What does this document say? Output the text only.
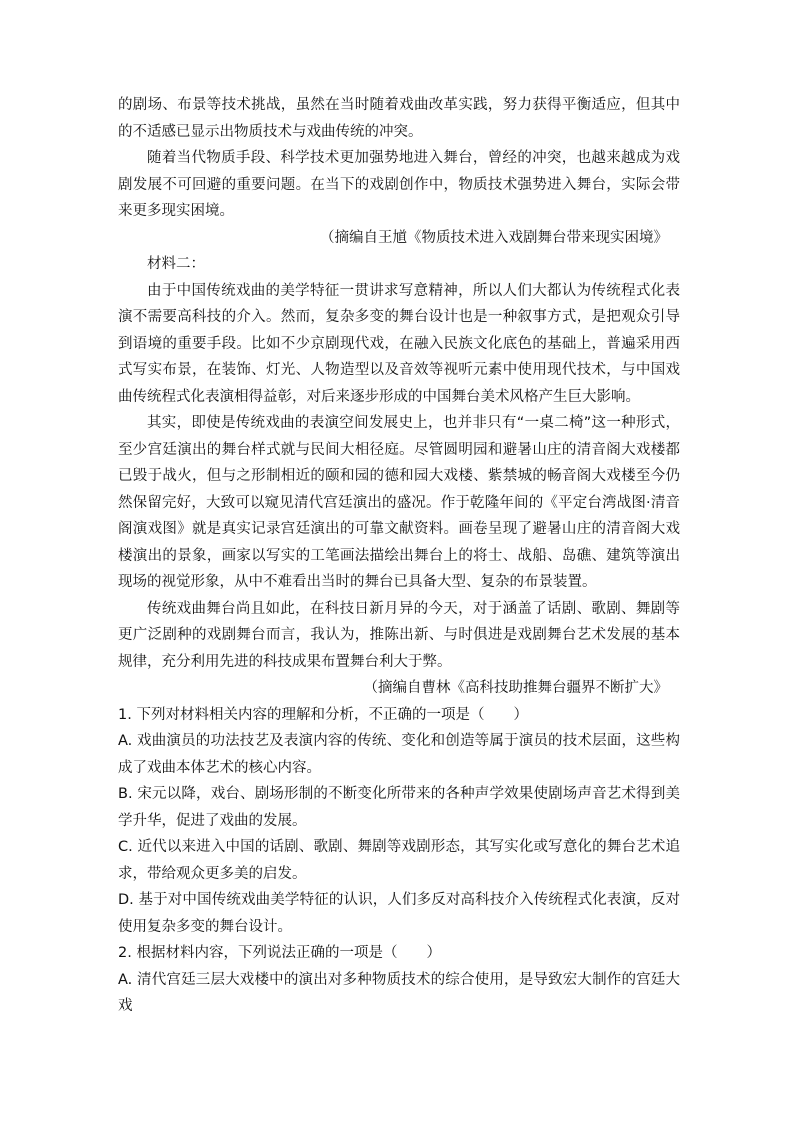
的剧场、布景等技术挑战，虽然在当时随着戏曲改革实践，努力获得平衡适应，但其中的不适感已显示出物质技术与戏曲传统的冲突。

随着当代物质手段、科学技术更加强势地进入舞台，曾经的冲突，也越来越成为戏剧发展不可回避的重要问题。在当下的戏剧创作中，物质技术强势进入舞台，实际会带来更多现实困境。

（摘编自王馗《物质技术进入戏剧舞台带来现实困境》

材料二：

由于中国传统戏曲的美学特征一贯讲求写意精神，所以人们大都认为传统程式化表演不需要高科技的介入。然而，复杂多变的舞台设计也是一种叙事方式，是把观众引导到语境的重要手段。比如不少京剧现代戏，在融入民族文化底色的基础上，普遍采用西式写实布景，在装饰、灯光、人物造型以及音效等视听元素中使用现代技术，与中国戏曲传统程式化表演相得益彰，对后来逐步形成的中国舞台美术风格产生巨大影响。

其实，即使是传统戏曲的表演空间发展史上，也并非只有“一桌二椅”这一种形式，至少宫廷演出的舞台样式就与民间大相径庭。尽管圆明园和避暑山庄的清音阁大戏楼都已毁于战火，但与之形制相近的颐和园的德和园大戏楼、紫禁城的畅音阁大戏楼至今仍然保留完好，大致可以窥见清代宫廷演出的盛况。作于乾隆年间的《平定台湾战图·清音阁演戏图》就是真实记录宫廷演出的可靠文献资料。画卷呈现了避暑山庄的清音阁大戏楼演出的景象，画家以写实的工笔画法描绘出舞台上的将士、战船、岛礁、建筑等演出现场的视觉形象，从中不难看出当时的舞台已具备大型、复杂的布景装置。

传统戏曲舞台尚且如此，在科技日新月异的今天，对于涵盖了话剧、歌剧、舞剧等更广泛剧种的戏剧舞台而言，我认为，推陈出新、与时俱进是戏剧舞台艺术发展的基本规律，充分利用先进的科技成果布置舞台利大于弊。

（摘编自曹林《高科技助推舞台疆界不断扩大》

1. 下列对材料相关内容的理解和分析，不正确的一项是（　　）

A. 戏曲演员的功法技艺及表演内容的传统、变化和创造等属于演员的技术层面，这些构成了戏曲本体艺术的核心内容。

B. 宋元以降，戏台、剧场形制的不断变化所带来的各种声学效果使剧场声音艺术得到美学升华，促进了戏曲的发展。

C. 近代以来进入中国的话剧、歌剧、舞剧等戏剧形态，其写实化或写意化的舞台艺术追求，带给观众更多美的启发。

D. 基于对中国传统戏曲美学特征的认识，人们多反对高科技介入传统程式化表演，反对使用复杂多变的舞台设计。

2. 根据材料内容，下列说法正确的一项是（　　）

A. 清代宫廷三层大戏楼中的演出对多种物质技术的综合使用，是导致宏大制作的宫廷大戏
